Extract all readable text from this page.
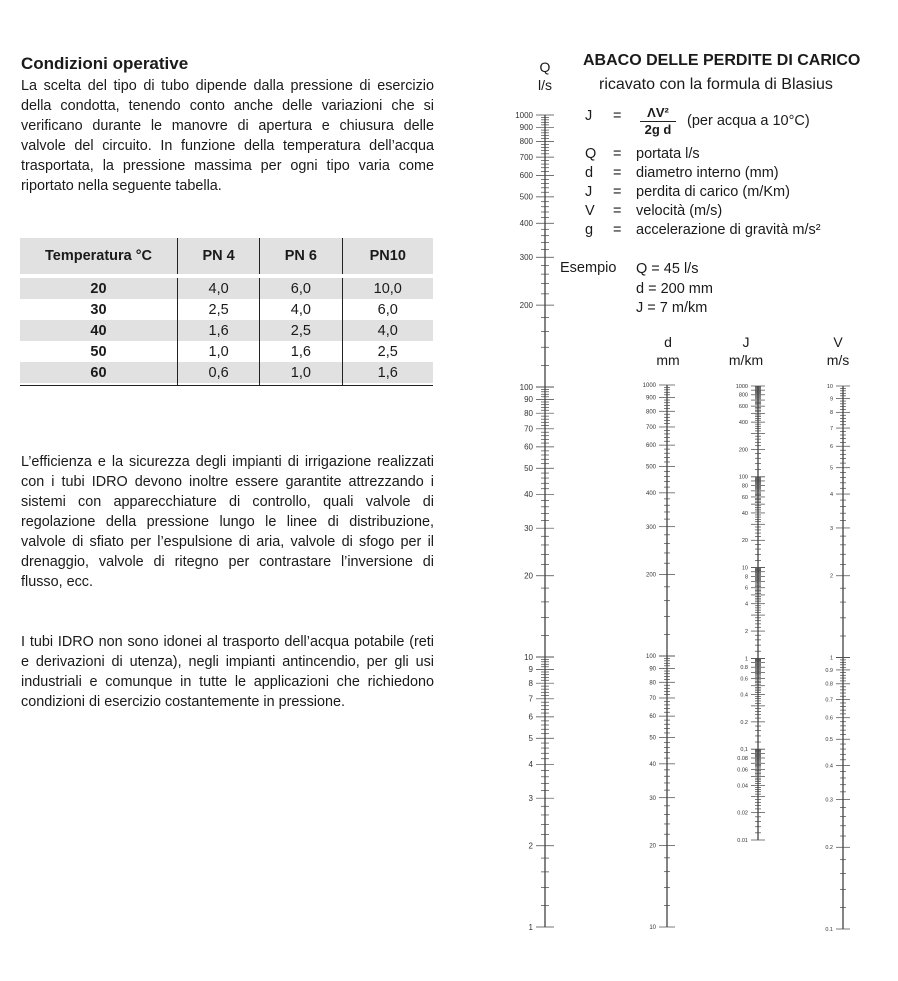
Condizioni operative

La scelta del tipo di tubo dipende dalla pressione di esercizio della condotta, tenendo conto anche delle variazioni che si verificano durante le manovre di apertura e chiusura delle valvole del circuito. In funzione della temperatura dell’acqua trasportata, la pressione massima per ogni tipo varia come riportato nella seguente tabella.

Temperatura °C	PN 4	PN 6	PN10
20	4,0	6,0	10,0
30	2,5	4,0	6,0
40	1,6	2,5	4,0
50	1,0	1,6	2,5
60	0,6	1,0	1,6

L’efficienza e la sicurezza degli impianti di irrigazione realizzati con i tubi IDRO devono inoltre essere garantite attrezzando i sistemi con apparecchiature di controllo, quali valvole di regolazione della pressione lungo le linee di distribuzione, valvole di sfiato per l’espulsione di aria, valvole di sfogo per il drenaggio, valvole di ritegno per contrastare l’inversione di flusso, ecc.

I tubi IDRO non sono idonei al trasporto dell’acqua potabile (reti e derivazioni di utenza), negli impianti antincendio, per gli usi industriali e comunque in tutte le applicazioni che richiedono condizioni di esercizio costantemente in pressione.

ABACO DELLE PERDITE DI CARICO
ricavato con la formula di Blasius
Q
l/s
J =	$\frac{\text{ΛV²}}{\text{2g d}} (per$ acqua a 10°C)
Q = portata l/s
d = diametro interno (mm)
J = perdita di carico (m/Km)
V = velocità (m/s)
g = accelerazione di gravità m/s²
Esempio Q = 45 l/s
d = 200 mm
J = 7 m/km
d
mm
J
m/km
V
m/s
1000
900
800
700
600
500
400
300
200
100
90
80
70
60
50
40
30
20
10
9
8
7
6
5
4
3
2
1
1000
900
800
700
600
500
400
300
200
100
90
80
70
60
50
40
30
20
10
0.01
0.02
0.04
0.06
0.08
0,1
0.2
0.4
0.6
0.8
1
2
4
6
8
10
20
40
60
80
100
200
400
600
800
1000
0.1
0.2
0.3
0.4
0.5
0.6
0.7
0.8
0.9
1
2
3
4
5
6
7
8
9
10
